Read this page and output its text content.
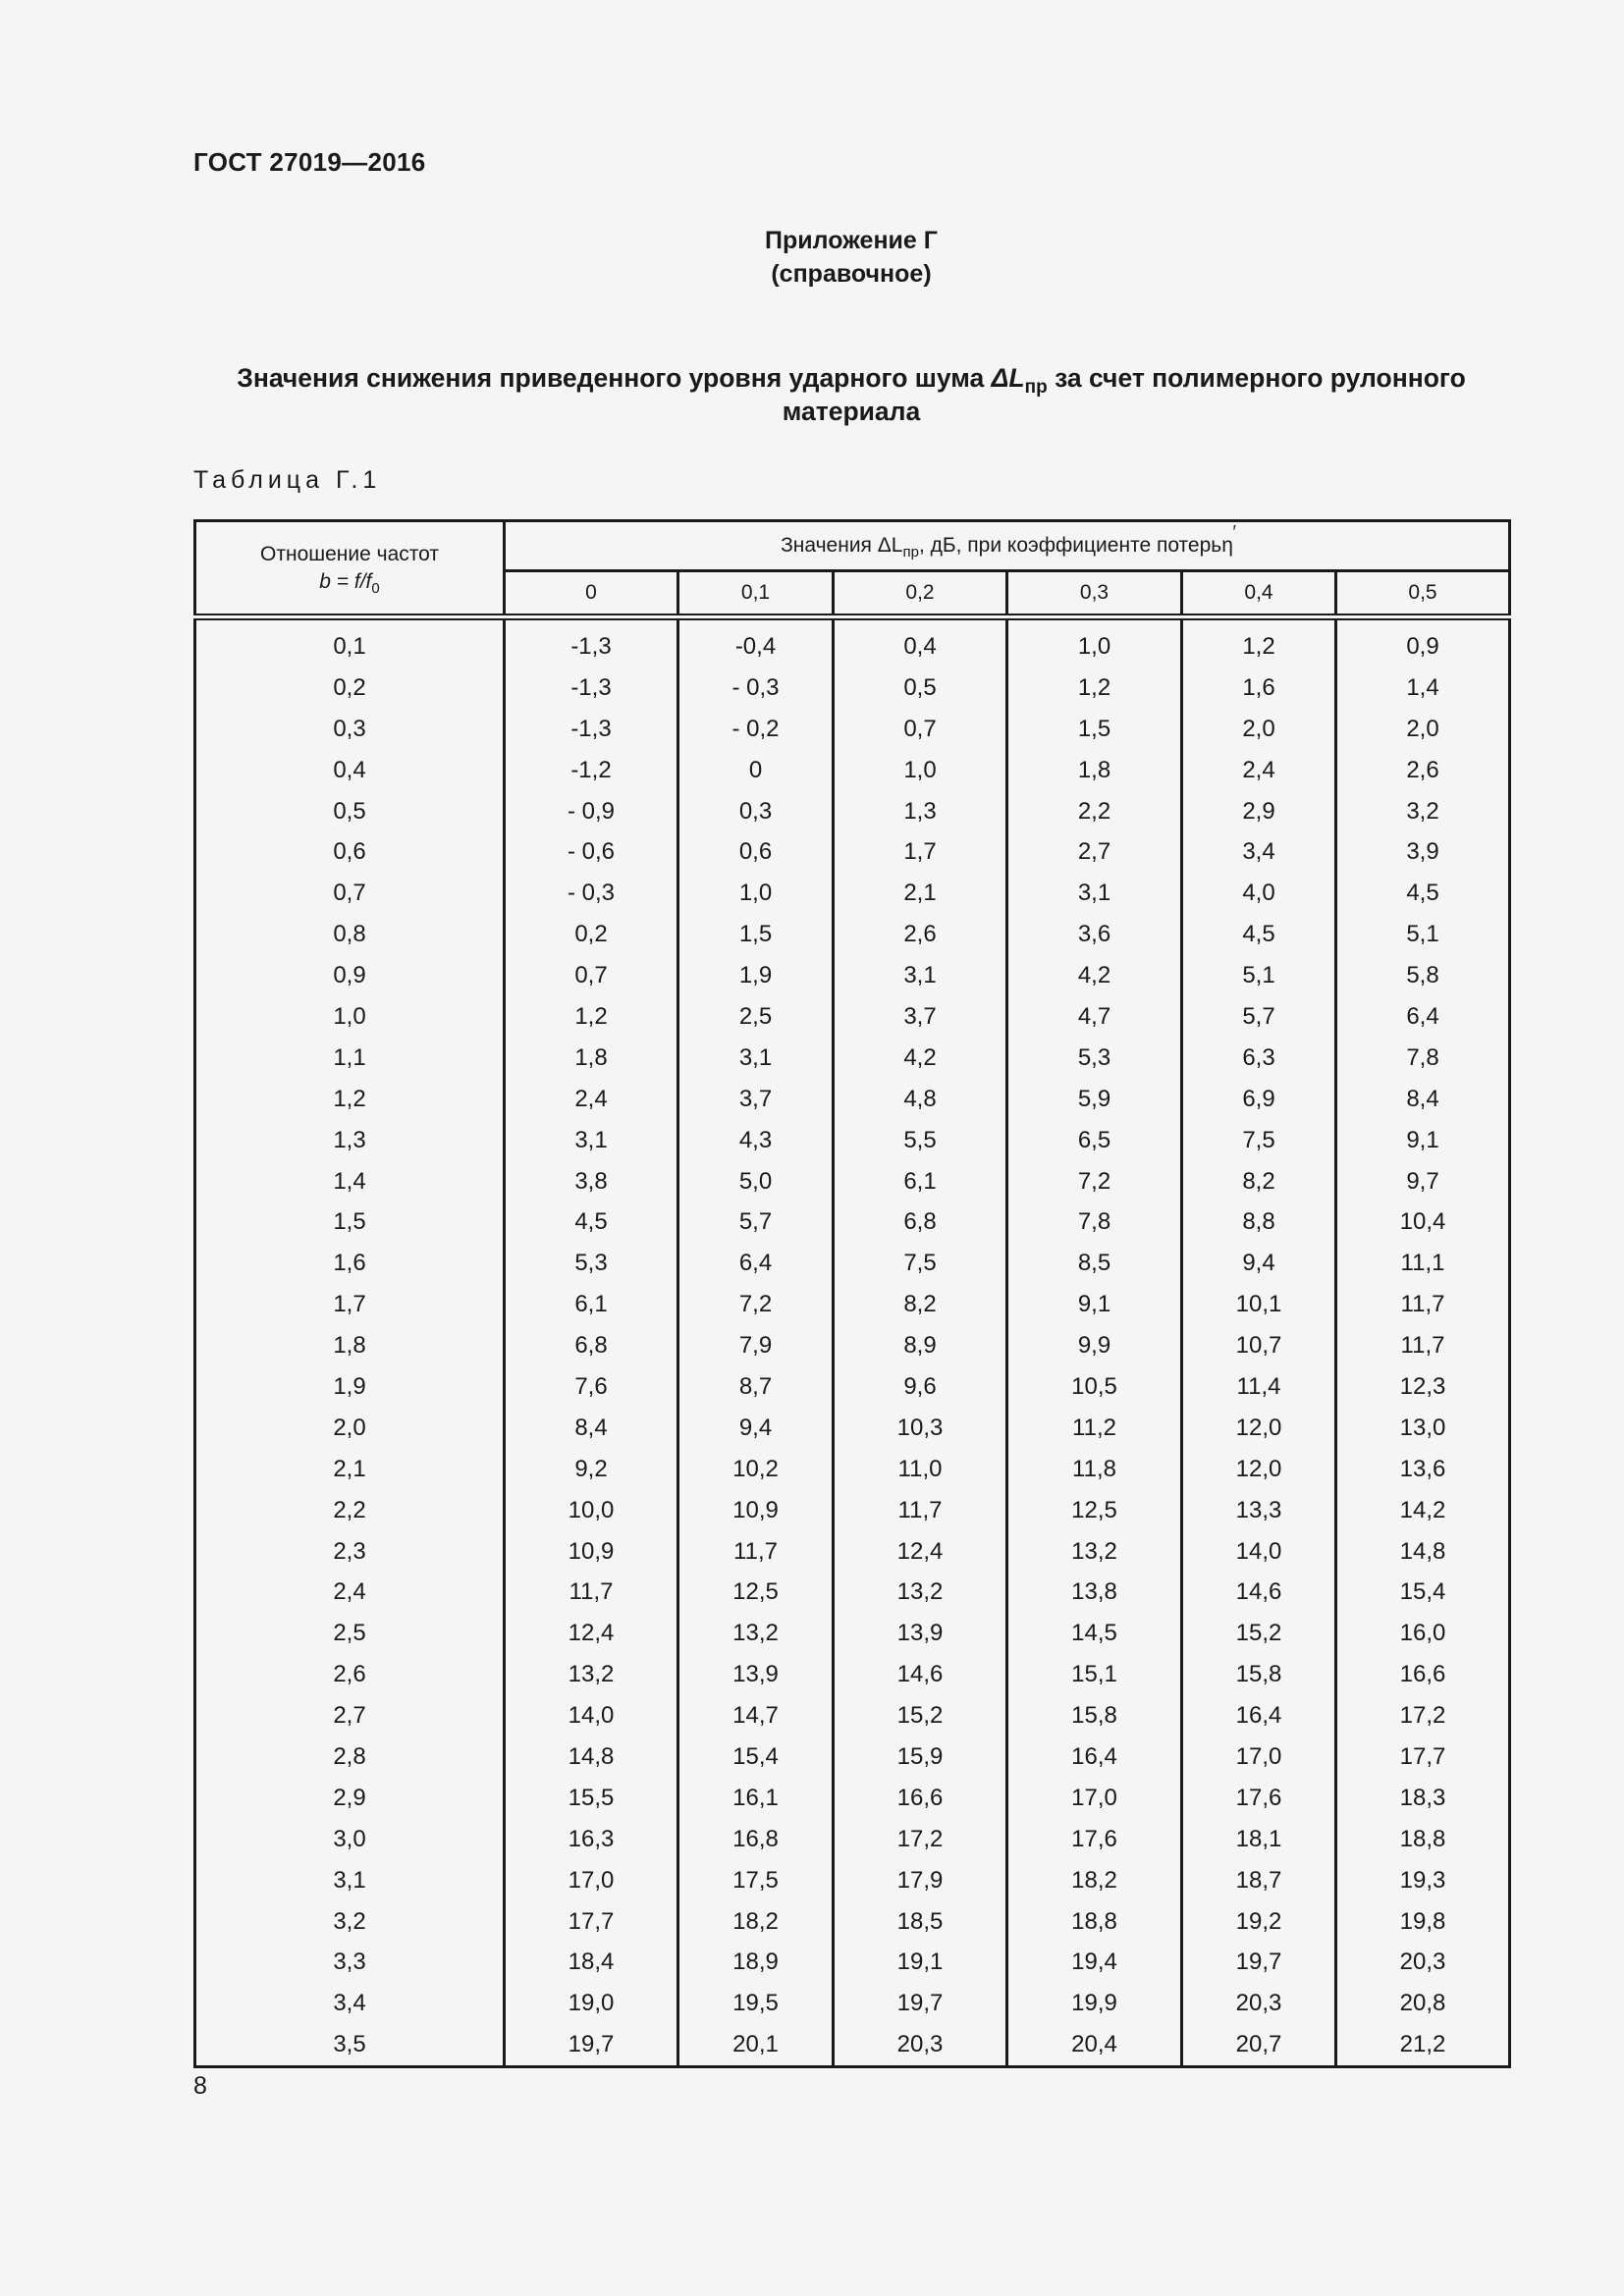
ГОСТ 27019—2016
Приложение Г
(справочное)
Значения снижения приведенного уровня ударного шума $\Delta L_{пр}$ за счет полимерного рулонного
материала
Таблица Г.1
Отношение частот
$b = f/f_0$	Значения $\Delta L_{пр}$, дБ, при коэффициенте потерьη ′
	0	0,1	0,2	0,3	0,4	0,5
0,1	-1,3	-0,4	0,4	1,0	1,2	0,9
0,2	-1,3	- 0,3	0,5	1,2	1,6	1,4
0,3	-1,3	- 0,2	0,7	1,5	2,0	2,0
0,4	-1,2	0	1,0	1,8	2,4	2,6
0,5	- 0,9	0,3	1,3	2,2	2,9	3,2
0,6	- 0,6	0,6	1,7	2,7	3,4	3,9
0,7	- 0,3	1,0	2,1	3,1	4,0	4,5
0,8	0,2	1,5	2,6	3,6	4,5	5,1
0,9	0,7	1,9	3,1	4,2	5,1	5,8
1,0	1,2	2,5	3,7	4,7	5,7	6,4
1,1	1,8	3,1	4,2	5,3	6,3	7,8
1,2	2,4	3,7	4,8	5,9	6,9	8,4
1,3	3,1	4,3	5,5	6,5	7,5	9,1
1,4	3,8	5,0	6,1	7,2	8,2	9,7
1,5	4,5	5,7	6,8	7,8	8,8	10,4
1,6	5,3	6,4	7,5	8,5	9,4	11,1
1,7	6,1	7,2	8,2	9,1	10,1	11,7
1,8	6,8	7,9	8,9	9,9	10,7	11,7
1,9	7,6	8,7	9,6	10,5	11,4	12,3
2,0	8,4	9,4	10,3	11,2	12,0	13,0
2,1	9,2	10,2	11,0	11,8	12,0	13,6
2,2	10,0	10,9	11,7	12,5	13,3	14,2
2,3	10,9	11,7	12,4	13,2	14,0	14,8
2,4	11,7	12,5	13,2	13,8	14,6	15,4
2,5	12,4	13,2	13,9	14,5	15,2	16,0
2,6	13,2	13,9	14,6	15,1	15,8	16,6
2,7	14,0	14,7	15,2	15,8	16,4	17,2
2,8	14,8	15,4	15,9	16,4	17,0	17,7
2,9	15,5	16,1	16,6	17,0	17,6	18,3
3,0	16,3	16,8	17,2	17,6	18,1	18,8
3,1	17,0	17,5	17,9	18,2	18,7	19,3
3,2	17,7	18,2	18,5	18,8	19,2	19,8
3,3	18,4	18,9	19,1	19,4	19,7	20,3
3,4	19,0	19,5	19,7	19,9	20,3	20,8
3,5	19,7	20,1	20,3	20,4	20,7	21,2
8
